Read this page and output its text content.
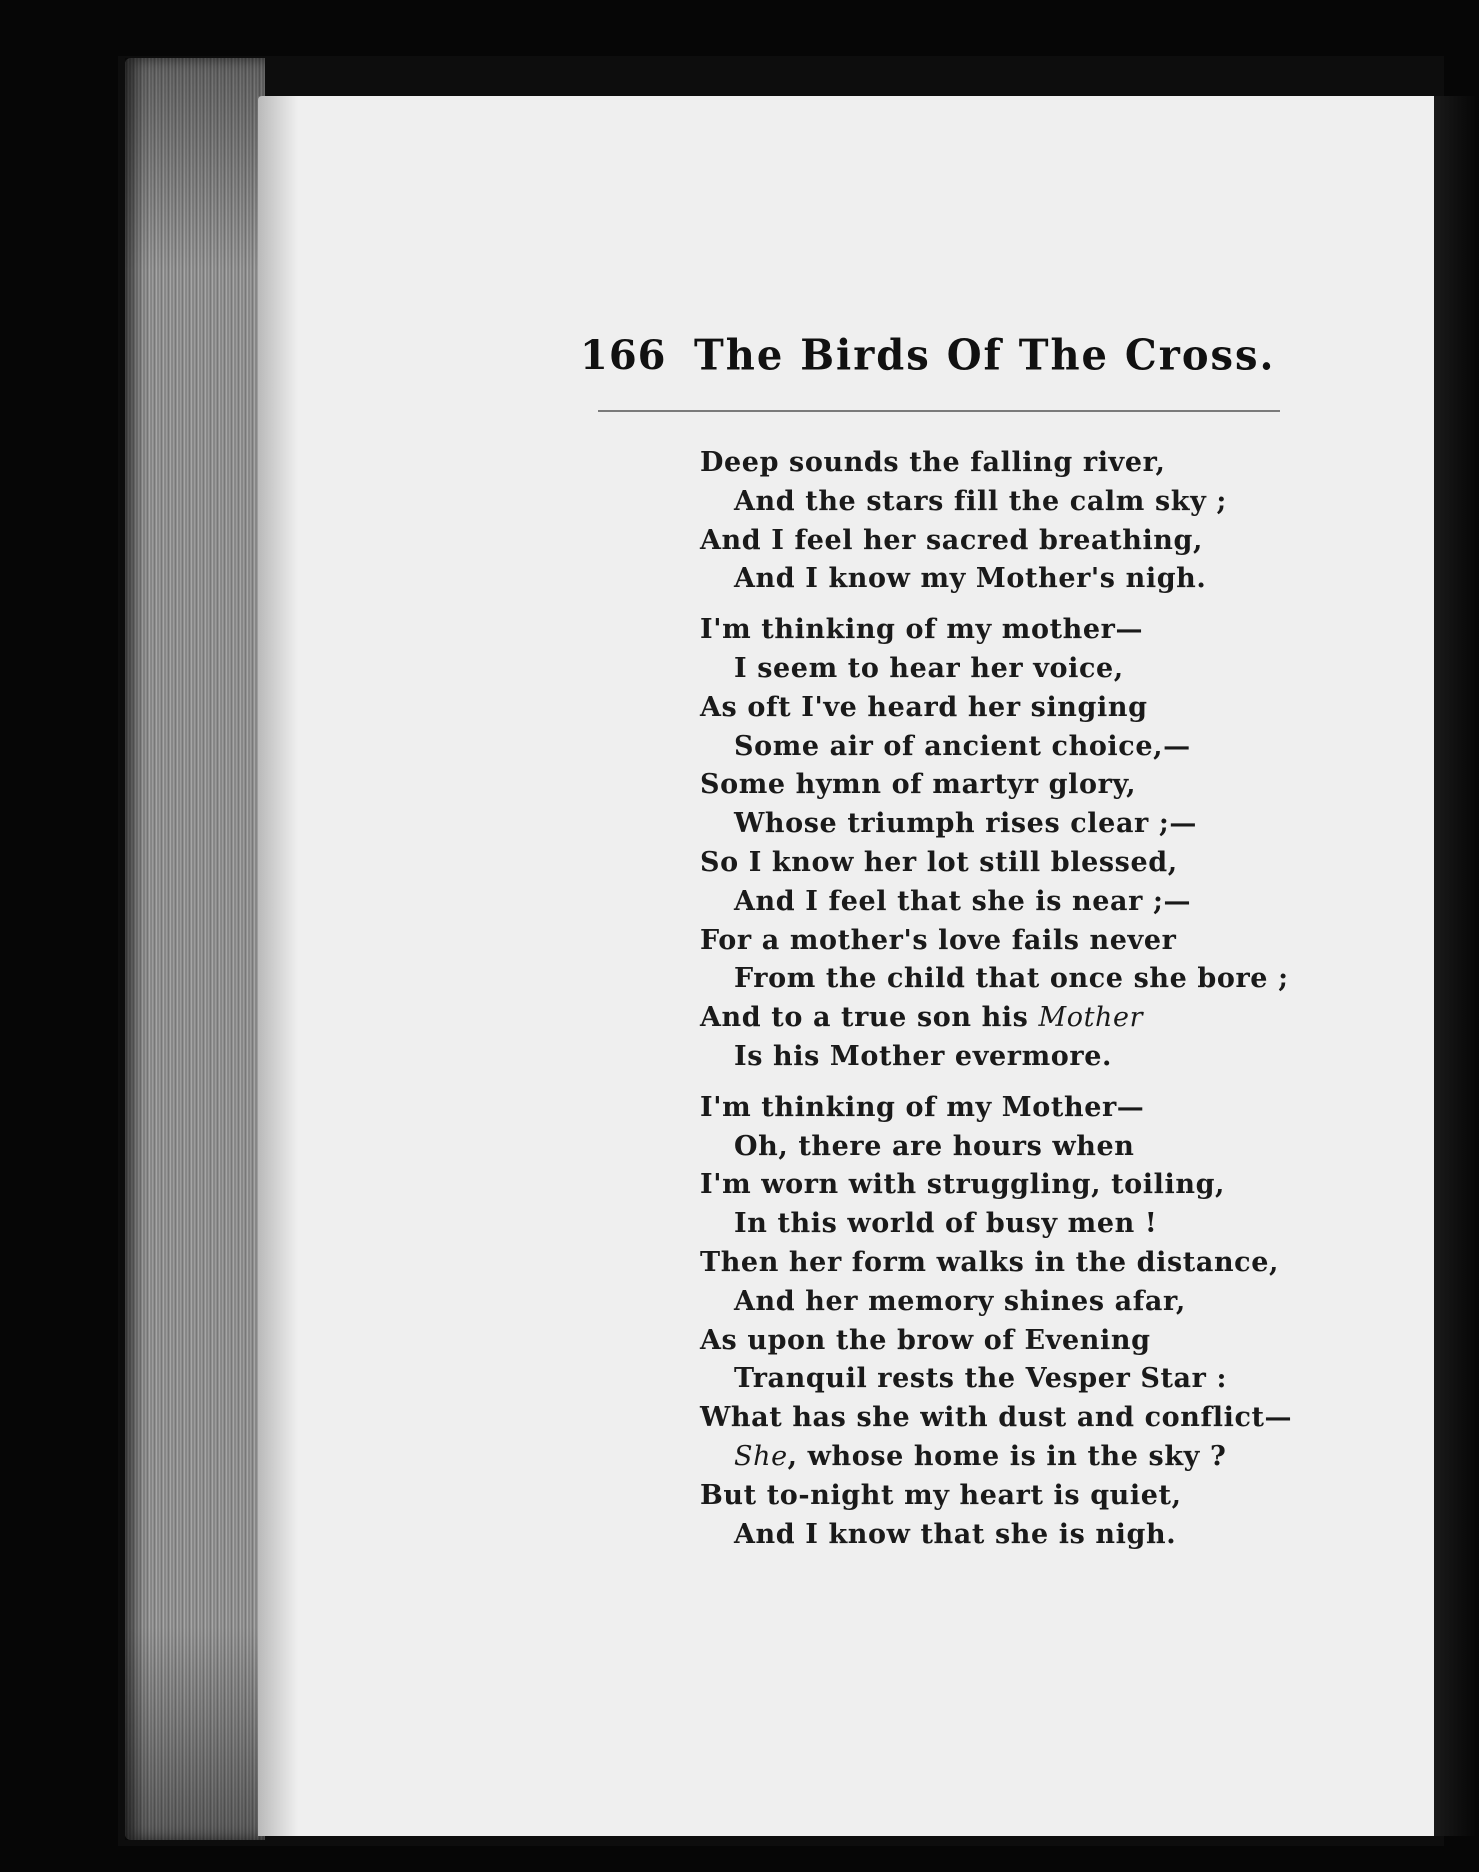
166 The Birds Of The Cross.
Deep sounds the falling river,
And the stars fill the calm sky ;
And I feel her sacred breathing,
And I know my Mother's nigh.
I'm thinking of my mother—
I seem to hear her voice,
As oft I've heard her singing
Some air of ancient choice,—
Some hymn of martyr glory,
Whose triumph rises clear ;—
So I know her lot still blessed,
And I feel that she is near ;—
For a mother's love fails never
From the child that once she bore ;
And to a true son his Mother
Is his Mother evermore.
I'm thinking of my Mother—
Oh, there are hours when
I'm worn with struggling, toiling,
In this world of busy men !
Then her form walks in the distance,
And her memory shines afar,
As upon the brow of Evening
Tranquil rests the Vesper Star :
What has she with dust and conflict—
She, whose home is in the sky ?
But to-night my heart is quiet,
And I know that she is nigh.
